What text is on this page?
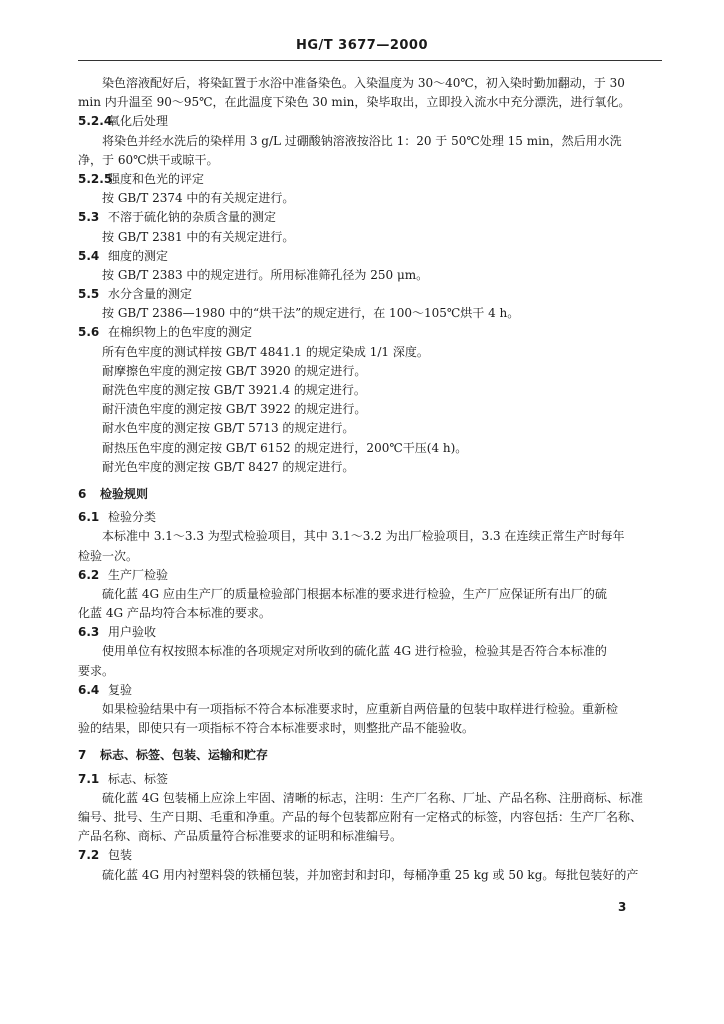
HG/T 3677—2000
染色溶液配好后，将染缸置于水浴中准备染色。入染温度为 30～40℃，初入染时勤加翻动，于 30
min 内升温至 90～95℃，在此温度下染色 30 min，染毕取出，立即投入流水中充分漂洗，进行氧化。
5.2.4氧化后处理
将染色并经水洗后的染样用 3 g/L 过硼酸钠溶液按浴比 1：20 于 50℃处理 15 min，然后用水洗
净，于 60℃烘干或晾干。
5.2.5强度和色光的评定
按 GB/T 2374 中的有关规定进行。
5.3 不溶于硫化钠的杂质含量的测定
按 GB/T 2381 中的有关规定进行。
5.4 细度的测定
按 GB/T 2383 中的规定进行。所用标准筛孔径为 250 μm。
5.5 水分含量的测定
按 GB/T 2386—1980 中的“烘干法”的规定进行，在 100～105℃烘干 4 h。
5.6 在棉织物上的色牢度的测定
所有色牢度的测试样按 GB/T 4841.1 的规定染成 1/1 深度。
耐摩擦色牢度的测定按 GB/T 3920 的规定进行。
耐洗色牢度的测定按 GB/T 3921.4 的规定进行。
耐汗渍色牢度的测定按 GB/T 3922 的规定进行。
耐水色牢度的测定按 GB/T 5713 的规定进行。
耐热压色牢度的测定按 GB/T 6152 的规定进行，200℃干压(4 h)。
耐光色牢度的测定按 GB/T 8427 的规定进行。
6 检验规则
6.1 检验分类
本标准中 3.1～3.3 为型式检验项目，其中 3.1～3.2 为出厂检验项目，3.3 在连续正常生产时每年
检验一次。
6.2 生产厂检验
硫化蓝 4G 应由生产厂的质量检验部门根据本标准的要求进行检验，生产厂应保证所有出厂的硫
化蓝 4G 产品均符合本标准的要求。
6.3 用户验收
使用单位有权按照本标准的各项规定对所收到的硫化蓝 4G 进行检验，检验其是否符合本标准的
要求。
6.4 复验
如果检验结果中有一项指标不符合本标准要求时，应重新自两倍量的包装中取样进行检验。重新检
验的结果，即使只有一项指标不符合本标准要求时，则整批产品不能验收。
7 标志、标签、包装、运输和贮存
7.1 标志、标签
硫化蓝 4G 包装桶上应涂上牢固、清晰的标志，注明：生产厂名称、厂址、产品名称、注册商标、标准
编号、批号、生产日期、毛重和净重。产品的每个包装都应附有一定格式的标签，内容包括：生产厂名称、
产品名称、商标、产品质量符合标准要求的证明和标准编号。
7.2 包装
硫化蓝 4G 用内衬塑料袋的铁桶包装，并加密封和封印，每桶净重 25 kg 或 50 kg。每批包装好的产
3
